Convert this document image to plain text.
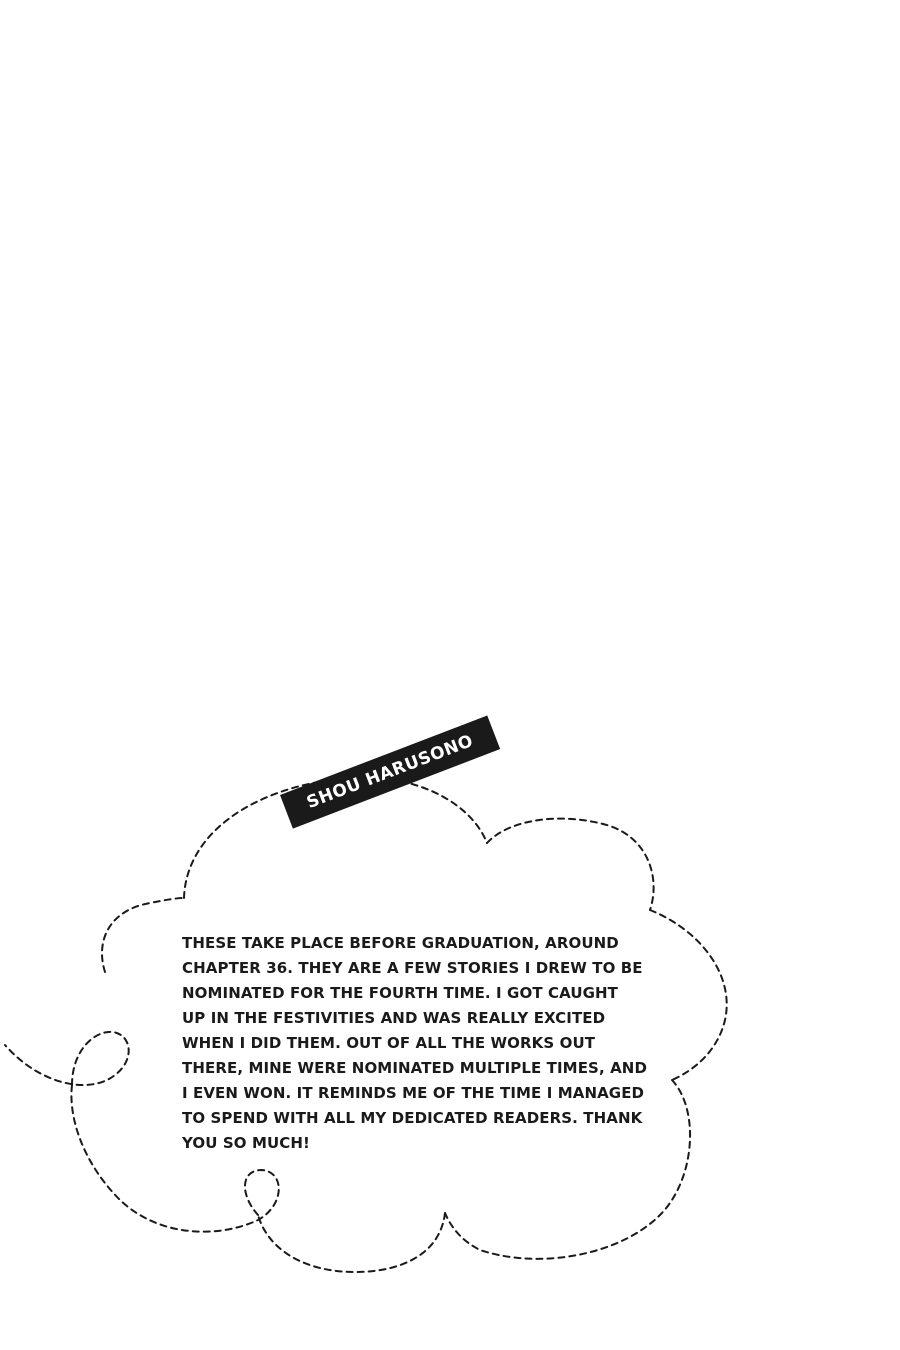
SHOU HARUSONO

THESE TAKE PLACE BEFORE GRADUATION, AROUND
CHAPTER 36. THEY ARE A FEW STORIES I DREW TO BE
NOMINATED FOR THE FOURTH TIME. I GOT CAUGHT
UP IN THE FESTIVITIES AND WAS REALLY EXCITED
WHEN I DID THEM. OUT OF ALL THE WORKS OUT
THERE, MINE WERE NOMINATED MULTIPLE TIMES, AND
I EVEN WON. IT REMINDS ME OF THE TIME I MANAGED
TO SPEND WITH ALL MY DEDICATED READERS. THANK
YOU SO MUCH!
